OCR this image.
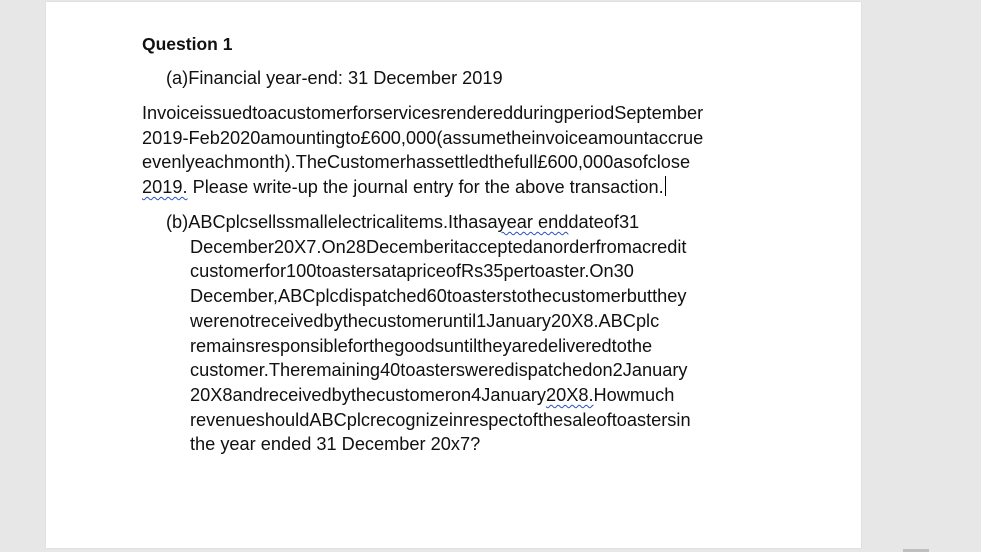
Question 1
(a)Financial year-end: 31 December 2019
InvoiceissuedtoacustomerforservicesrenderedduringperiodSeptember
2019-Feb2020amountingto£600,000(assumetheinvoiceamountaccrue
evenlyeachmonth).TheCustomerhassettledthefull£600,000asofclose
2019. Please write-up the journal entry for the above transaction.
(b)ABCplcsellssmallelectricalitems.Ithasayear enddateof31
December20X7.On28Decemberitacceptedanorderfromacredit
customerfor100toastersatapriceofRs35pertoaster.On30
December,ABCplcdispatched60toasterstothecustomerbutthey
werenotreceivedbythecustomeruntil1January20X8.ABCplc
remainsresponsibleforthegoodsuntiltheyaredeliveredtothe
customer.Theremaining40toastersweredispatchedon2January
20X8andreceivedbythecustomeron4January20X8.Howmuch
revenueshouldABCplcrecognizeinrespectofthesaleoftoastersin
the year ended 31 December 20x7?
